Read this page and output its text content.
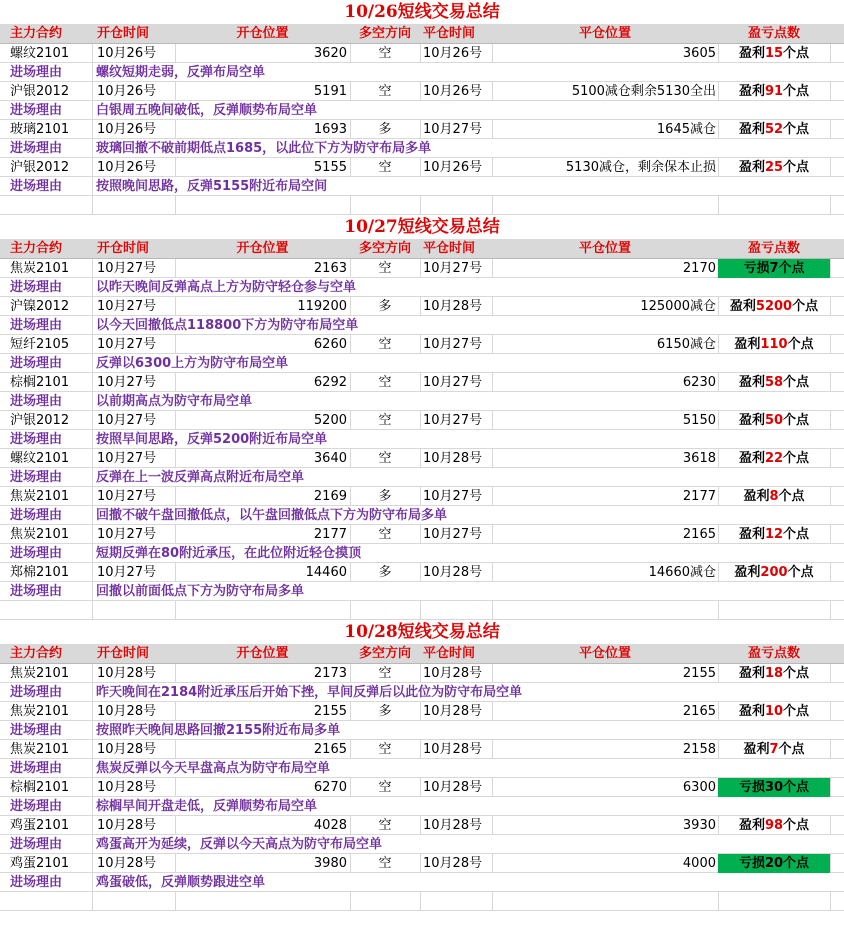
10/26短线交易总结
主力合约	开仓时间	开仓位置	多空方向 平仓时间	平仓位置	盈亏点数
螺纹2101	10月26号	3620	空	10月26号	3605	盈利15个点
进场理由	螺纹短期走弱，反弹布局空单
沪银2012	10月26号	5191	空	10月26号	5100减仓剩余5130全出	盈利91个点
进场理由	白银周五晚间破低，反弹顺势布局空单
玻璃2101	10月26号	1693	多	10月27号	1645减仓	盈利52个点
进场理由	玻璃回撤不破前期低点1685，以此位下方为防守布局多单
沪银2012	10月26号	5155	空	10月26号	5130减仓，剩余保本止损	盈利25个点
进场理由	按照晚间思路，反弹5155附近布局空间
10/27短线交易总结
主力合约	开仓时间	开仓位置	多空方向 平仓时间	平仓位置	盈亏点数
焦炭2101	10月27号	2163	空	10月27号	2170	亏损7个点
进场理由	以昨天晚间反弹高点上方为防守轻仓参与空单
沪镍2012	10月27号	119200	多	10月28号	125000减仓	盈利5200个点
进场理由	以今天回撤低点118800下方为防守布局空单
短纤2105	10月27号	6260	空	10月27号	6150减仓	盈利110个点
进场理由	反弹以6300上方为防守布局空单
棕榈2101	10月27号	6292	空	10月27号	6230	盈利58个点
进场理由	以前期高点为防守布局空单
沪银2012	10月27号	5200	空	10月27号	5150	盈利50个点
进场理由	按照早间思路，反弹5200附近布局空单
螺纹2101	10月27号	3640	空	10月28号	3618	盈利22个点
进场理由	反弹在上一波反弹高点附近布局空单
焦炭2101	10月27号	2169	多	10月27号	2177	盈利8个点
进场理由	回撤不破午盘回撤低点，以午盘回撤低点下方为防守布局多单
焦炭2101	10月27号	2177	空	10月27号	2165	盈利12个点
进场理由	短期反弹在80附近承压，在此位附近轻仓摸顶
郑棉2101	10月27号	14460	多	10月28号	14660减仓	盈利200个点
进场理由	回撤以前面低点下方为防守布局多单
10/28短线交易总结
主力合约	开仓时间	开仓位置	多空方向 平仓时间	平仓位置	盈亏点数
焦炭2101	10月28号	2173	空	10月28号	2155	盈利18个点
进场理由	昨天晚间在2184附近承压后开始下挫，早间反弹后以此位为防守布局空单
焦炭2101	10月28号	2155	多	10月28号	2165	盈利10个点
进场理由	按照昨天晚间思路回撤2155附近布局多单
焦炭2101	10月28号	2165	空	10月28号	2158	盈利7个点
进场理由	焦炭反弹以今天早盘高点为防守布局空单
棕榈2101	10月28号	6270	空	10月28号	6300	亏损30个点
进场理由	棕榈早间开盘走低，反弹顺势布局空单
鸡蛋2101	10月28号	4028	空	10月28号	3930	盈利98个点
进场理由	鸡蛋高开为延续，反弹以今天高点为防守布局空单
鸡蛋2101	10月28号	3980	空	10月28号	4000	亏损20个点
进场理由	鸡蛋破低，反弹顺势跟进空单
